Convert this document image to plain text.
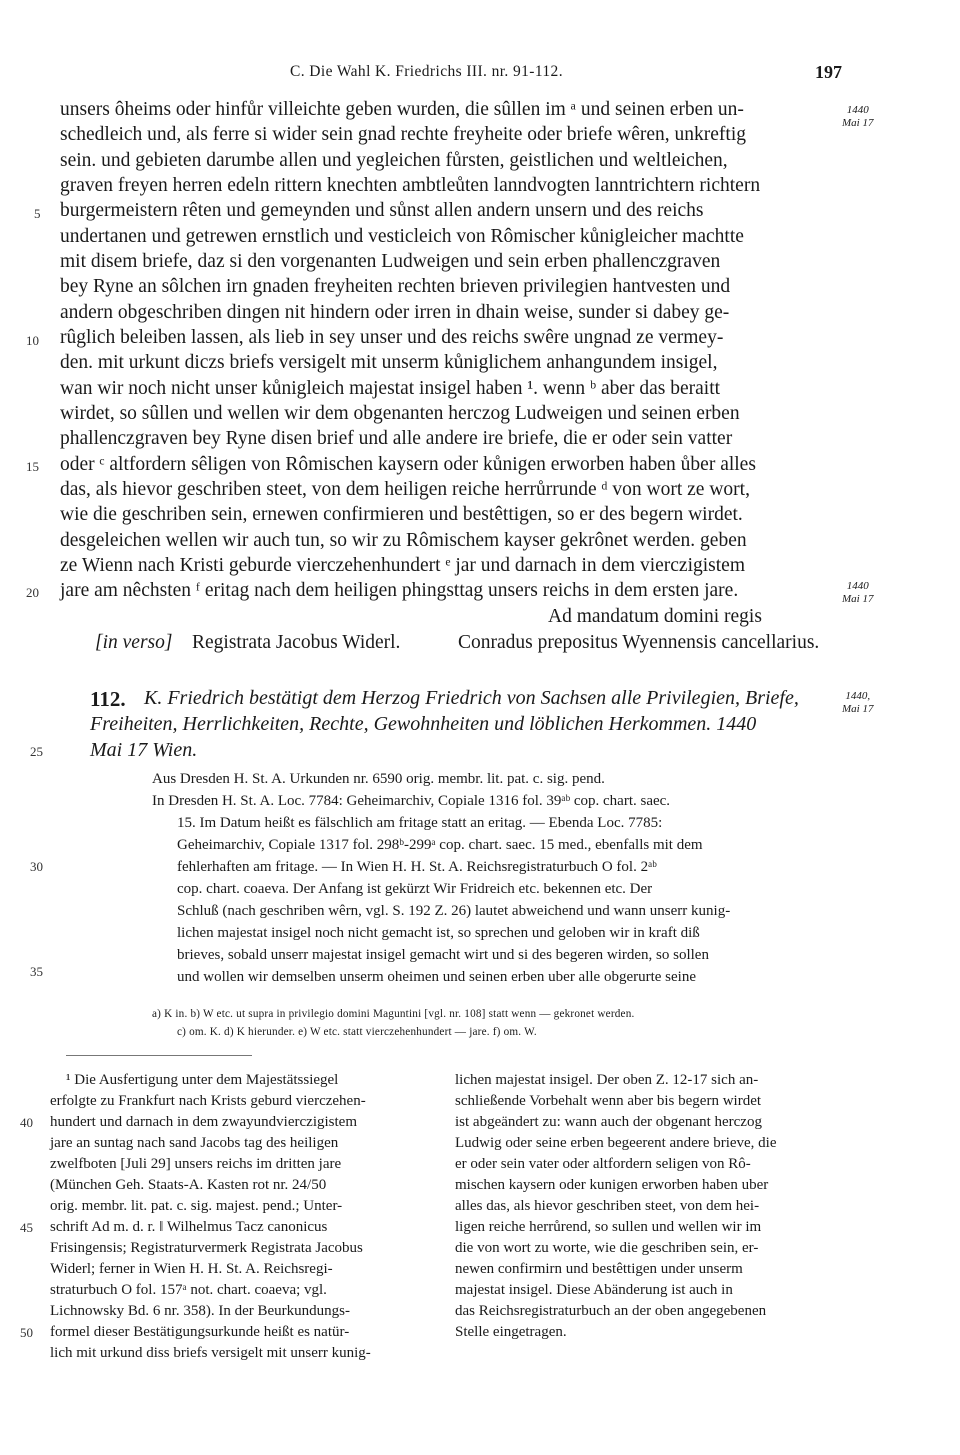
C. Die Wahl K. Friedrichs III. nr. 91-112.	197
1440
Mai 17
1440
Mai 17
1440,
Mai 17
5
10
15
20
25
30
35
40
45
50
unsers ôheims oder hinfůr villeichte geben wurden, die sûllen im ᵃ und seinen erben un-
schedleich und, als ferre si wider sein gnad rechte freyheite oder briefe wêren, unkreftig
sein. und gebieten darumbe allen und yegleichen fůrsten, geistlichen und weltleichen,
graven freyen herren edeln rittern knechten ambtleůten lanndvogten lanntrichtern richtern
burgermeistern rêten und gemeynden und sůnst allen andern unsern und des reichs
undertanen und getrewen ernstlich und vesticleich von Rômischer kůnigleicher machtte
mit disem briefe, daz si den vorgenanten Ludweigen und sein erben phallenczgraven
bey Ryne an sôlchen irn gnaden freyheiten rechten brieven privilegien hantvesten und
andern obgeschriben dingen nit hindern oder irren in dhain weise, sunder si dabey ge-
rûglich beleiben lassen, als lieb in sey unser und des reichs swêre ungnad ze vermey-
den. mit urkunt diczs briefs versigelt mit unserm kůniglichem anhangundem insigel,
wan wir noch nicht unser kůnigleich majestat insigel haben ¹. wenn ᵇ aber das beraitt
wirdet, so sûllen und wellen wir dem obgenanten herczog Ludweigen und seinen erben
phallenczgraven bey Ryne disen brief und alle andere ire briefe, die er oder sein vatter
oder ᶜ altfordern sêligen von Rômischen kaysern oder kůnigen erworben haben ůber alles
das, als hievor geschriben steet, von dem heiligen reiche herrůrrunde ᵈ von wort ze wort,
wie die geschriben sein, ernewen confirmieren und bestêttigen, so er des begern wirdet.
desgeleichen wellen wir auch tun, so wir zu Rômischem kayser gekrônet werden. geben
ze Wienn nach Kristi geburde vierczehenhundert ᵉ jar und darnach in dem vierczigistem
jare am nêchsten ᶠ eritag nach dem heiligen phingsttag unsers reichs in dem ersten jare.
Ad mandatum domini regis
[in verso] Registrata Jacobus Widerl.	Conradus prepositus Wyennensis cancellarius.
112. K. Friedrich bestätigt dem Herzog Friedrich von Sachsen alle Privilegien, Briefe,
Freiheiten, Herrlichkeiten, Rechte, Gewohnheiten und löblichen Herkommen. 1440
Mai 17 Wien.
Aus Dresden H. St. A. Urkunden nr. 6590 orig. membr. lit. pat. c. sig. pend.
In Dresden H. St. A. Loc. 7784: Geheimarchiv, Copiale 1316 fol. 39ᵃᵇ cop. chart. saec.
15. Im Datum heißt es fälschlich am fritage statt an eritag. — Ebenda Loc. 7785:
Geheimarchiv, Copiale 1317 fol. 298ᵇ-299ᵃ cop. chart. saec. 15 med., ebenfalls mit dem
fehlerhaften am fritage. — In Wien H. H. St. A. Reichsregistraturbuch O fol. 2ᵃᵇ
cop. chart. coaeva. Der Anfang ist gekürzt Wir Fridreich etc. bekennen etc. Der
Schluß (nach geschriben wêrn, vgl. S. 192 Z. 26) lautet abweichend und wann unserr kunig-
lichen majestat insigel noch nicht gemacht ist, so sprechen und geloben wir in kraft diß
brieves, sobald unserr majestat insigel gemacht wirt und si des begeren wirden, so sollen
und wollen wir demselben unserm oheimen und seinen erben uber alle obgerurte seine
a) K in. b) W etc. ut supra in privilegio domini Maguntini [vgl. nr. 108] statt wenn — gekronet werden.
c) om. K. d) K hierunder. e) W etc. statt vierczehenhundert — jare. f) om. W.
¹ Die Ausfertigung unter dem Majestätssiegel
erfolgte zu Frankfurt nach Krists geburd vierczehen-
hundert und darnach in dem zwayundvierczigistem
jare an suntag nach sand Jacobs tag des heiligen
zwelfboten [Juli 29] unsers reichs im dritten jare
(München Geh. Staats-A. Kasten rot nr. 24/50
orig. membr. lit. pat. c. sig. majest. pend.; Unter-
schrift Ad m. d. r. ‖ Wilhelmus Tacz canonicus
Frisingensis; Registraturvermerk Registrata Jacobus
Widerl; ferner in Wien H. H. St. A. Reichsregi-
straturbuch O fol. 157ᵃ not. chart. coaeva; vgl.
Lichnowsky Bd. 6 nr. 358). In der Beurkundungs-
formel dieser Bestätigungsurkunde heißt es natür-
lich mit urkund diss briefs versigelt mit unserr kunig-
lichen majestat insigel. Der oben Z. 12-17 sich an-
schließende Vorbehalt wenn aber bis begern wirdet
ist abgeändert zu: wann auch der obgenant herczog
Ludwig oder seine erben begeerent andere brieve, die
er oder sein vater oder altfordern seligen von Rô-
mischen kaysern oder kunigen erworben haben uber
alles das, als hievor geschriben steet, von dem hei-
ligen reiche herrůrend, so sullen und wellen wir im
die von wort zu worte, wie die geschriben sein, er-
newen confirmirn und bestêttigen under unserm
majestat insigel. Diese Abänderung ist auch in
das Reichsregistraturbuch an der oben angegebenen
Stelle eingetragen.
